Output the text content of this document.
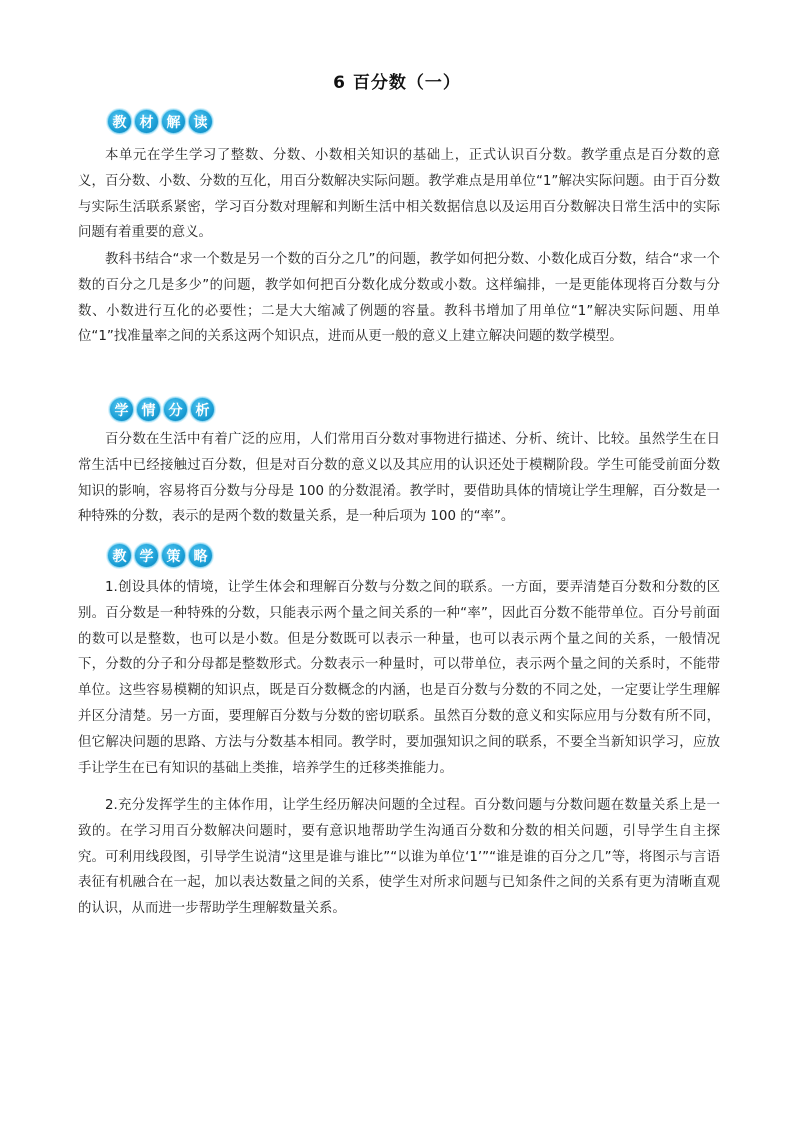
6 百分数（一）
教 材 解 读

本单元在学生学习了整数、分数、小数相关知识的基础上，正式认识百分数。教学重点是百分数的意义，百分数、小数、分数的互化，用百分数解决实际问题。教学难点是用单位“1”解决实际问题。由于百分数与实际生活联系紧密，学习百分数对理解和判断生活中相关数据信息以及运用百分数解决日常生活中的实际问题有着重要的意义。

教科书结合“求一个数是另一个数的百分之几”的问题，教学如何把分数、小数化成百分数，结合“求一个数的百分之几是多少”的问题，教学如何把百分数化成分数或小数。这样编排，一是更能体现将百分数与分数、小数进行互化的必要性；二是大大缩减了例题的容量。教科书增加了用单位“1”解决实际问题、用单位“1”找准量率之间的关系这两个知识点，进而从更一般的意义上建立解决问题的数学模型。

学 情 分 析

百分数在生活中有着广泛的应用，人们常用百分数对事物进行描述、分析、统计、比较。虽然学生在日常生活中已经接触过百分数，但是对百分数的意义以及其应用的认识还处于模糊阶段。学生可能受前面分数知识的影响，容易将百分数与分母是 100 的分数混淆。教学时，要借助具体的情境让学生理解，百分数是一种特殊的分数，表示的是两个数的数量关系，是一种后项为 100 的“率”。

教 学 策 略

1.创设具体的情境，让学生体会和理解百分数与分数之间的联系。一方面，要弄清楚百分数和分数的区别。百分数是一种特殊的分数，只能表示两个量之间关系的一种“率”，因此百分数不能带单位。百分号前面的数可以是整数，也可以是小数。但是分数既可以表示一种量，也可以表示两个量之间的关系，一般情况下，分数的分子和分母都是整数形式。分数表示一种量时，可以带单位，表示两个量之间的关系时，不能带单位。这些容易模糊的知识点，既是百分数概念的内涵，也是百分数与分数的不同之处，一定要让学生理解并区分清楚。另一方面，要理解百分数与分数的密切联系。虽然百分数的意义和实际应用与分数有所不同，但它解决问题的思路、方法与分数基本相同。教学时，要加强知识之间的联系，不要全当新知识学习，应放手让学生在已有知识的基础上类推，培养学生的迁移类推能力。

2.充分发挥学生的主体作用，让学生经历解决问题的全过程。百分数问题与分数问题在数量关系上是一致的。在学习用百分数解决问题时，要有意识地帮助学生沟通百分数和分数的相关问题，引导学生自主探究。可利用线段图，引导学生说清“这里是谁与谁比”“以谁为单位‘1’”“谁是谁的百分之几”等，将图示与言语表征有机融合在一起，加以表达数量之间的关系，使学生对所求问题与已知条件之间的关系有更为清晰直观的认识，从而进一步帮助学生理解数量关系。
